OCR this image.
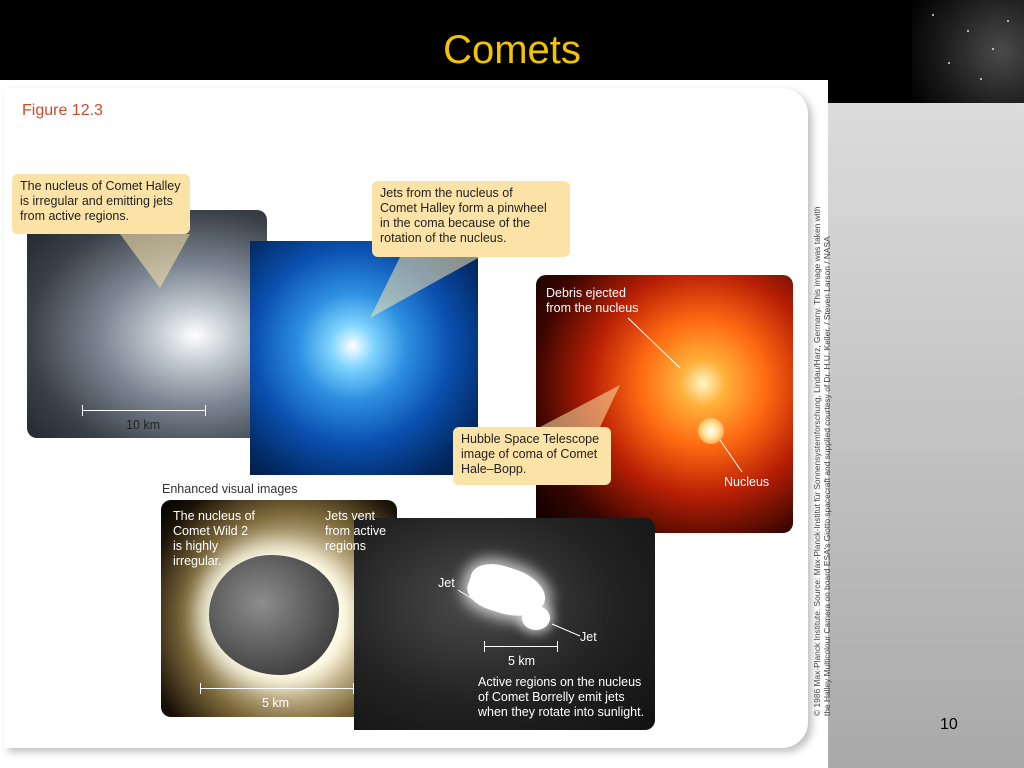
Comets
10
Figure 12.3
The nucleus of Comet Halley
is irregular and emitting jets
from active regions.
Jets from the nucleus of
Comet Halley form a pinwheel
in the coma because of the
rotation of the nucleus.
Hubble Space Telescope
image of coma of Comet
Hale–Bopp.
Debris ejected
from the nucleus
Nucleus
10 km
Enhanced visual images
The nucleus of
Comet Wild 2
is highly
irregular.
Jets vent
from active
regions
5 km
Jet
Jet
5 km
Active regions on the nucleus
of Comet Borrelly emit jets
when they rotate into sunlight.	© 1986 Max-Planck Institute. Source: Max-Planck-Institut für Sonnensystemforschung, Lindau/Harz, Germany. This image was taken with
the Halley Multicolour Camera on board ESA's Giotto spacecraft and supplied courtesy of Dr. H.U. Keller. / Steven Larson / NASA
